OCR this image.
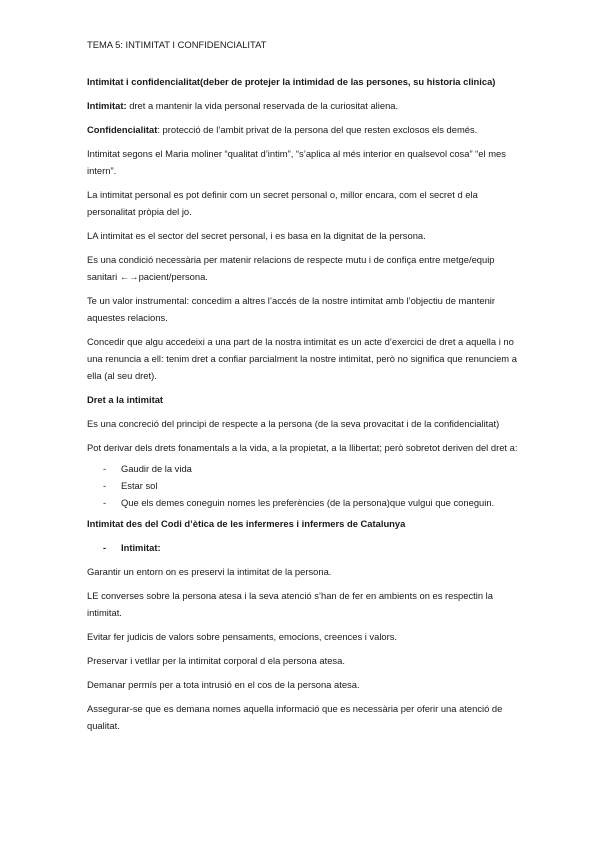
TEMA 5: INTIMITAT I CONFIDENCIALITAT

Intimitat i confidencialitat(deber de protejer la intimidad de las persones, su historia clinica)

Intimitat: dret a mantenir la vida personal reservada de la curiositat aliena.

Confidencialitat: protecció de l’ambit privat de la persona del que resten exclosos els demés.

Intimitat segons el Maria moliner “qualitat d’intim”, “s’aplica al més interior en qualsevol cosa” “el mes intern”.

La intimitat personal es pot definir com un secret personal o, millor encara, com el secret d ela personalitat pròpia del jo.

LA intimitat es el sector del secret personal, i es basa en la dignitat de la persona.

Es una condició necessària per matenir relacions de respecte mutu i de confiça entre metge/equip sanitari ←→pacient/persona.

Te un valor instrumental: concedim a altres l’accés de la nostre intimitat amb l’objectiu de mantenir aquestes relacions.

Concedir que algu accedeixi a una part de la nostra intimitat es un acte d’exercici de dret a aquella i no una renuncia a ell: tenim dret a confiar parcialment la nostre intimitat, però no significa que renunciem a ella (al seu dret).

Dret a la intimitat

Es una concreció del principi de respecte a la persona (de la seva provacitat i de la confidencialitat)

Pot derivar dels drets fonamentals a la vida, a la propietat, a la llibertat; però sobretot deriven del dret a:

- Gaudir de la vida
- Estar sol
- Que els demes coneguin nomes les preferències (de la persona)que vulgui que coneguin.

Intimitat des del Codi d’ètica de les infermeres i infermers de Catalunya

- Intimitat:

Garantir un entorn on es preservi la intimitat de la persona.

LE converses sobre la persona atesa i la seva atenció s’han de fer en ambients on es respectin la intimitat.

Evitar fer judicis de valors sobre pensaments, emocions, creences i valors.

Preservar i vetllar per la intimitat corporal d ela persona atesa.

Demanar permís per a tota intrusió en el cos de la persona atesa.

Assegurar-se que es demana nomes aquella informació que es necessària per oferir una atenció de qualitat.
